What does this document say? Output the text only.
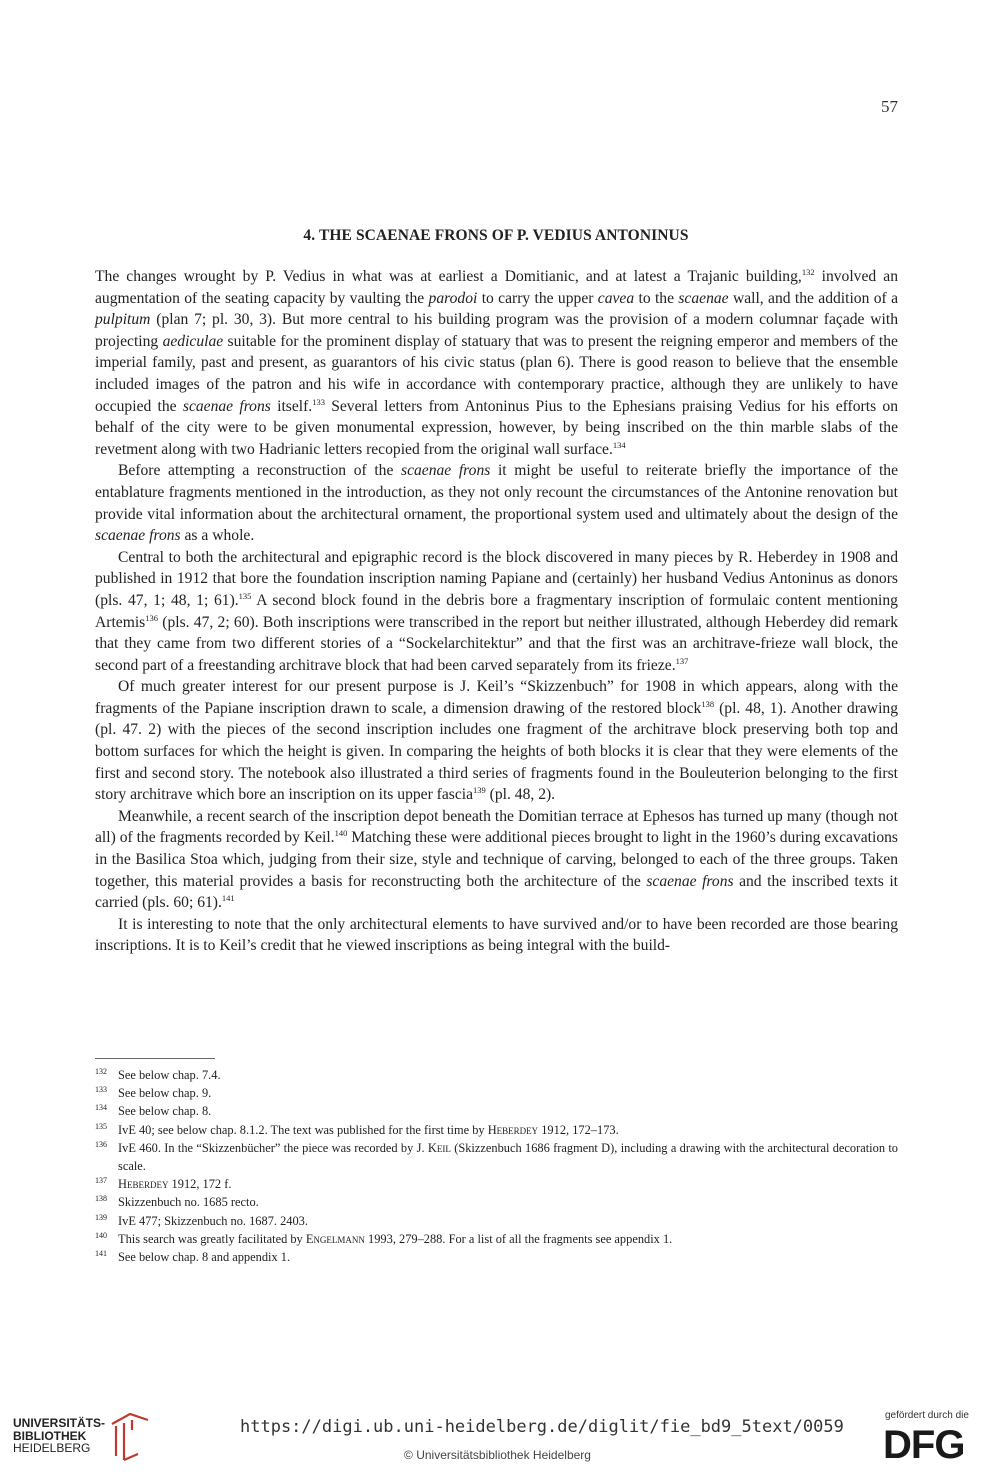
57
4. THE SCAENAE FRONS OF P. VEDIUS ANTONINUS

The changes wrought by P. Vedius in what was at earliest a Domitianic, and at latest a Trajanic building,$^{132}$ involved an augmentation of the seating capacity by vaulting the parodoi to carry the upper cavea to the scaenae wall, and the addition of a pulpitum (plan 7; pl. 30, 3). But more central to his building program was the provision of a modern columnar façade with projecting aediculae suitable for the prominent display of statuary that was to present the reigning emperor and members of the imperial family, past and present, as guarantors of his civic status (plan 6). There is good reason to believe that the ensemble included images of the patron and his wife in accordance with contemporary practice, although they are unlikely to have occupied the scaenae frons itself.$^{133}$ Several letters from Antoninus Pius to the Ephesians praising Vedius for his efforts on behalf of the city were to be given monumental expression, however, by being inscribed on the thin marble slabs of the revetment along with two Hadrianic letters recopied from the original wall surface.$^{134}$

Before attempting a reconstruction of the scaenae frons it might be useful to reiterate briefly the importance of the entablature fragments mentioned in the introduction, as they not only recount the circumstances of the Antonine renovation but provide vital information about the architectural ornament, the proportional system used and ultimately about the design of the scaenae frons as a whole.

Central to both the architectural and epigraphic record is the block discovered in many pieces by R. Heberdey in 1908 and published in 1912 that bore the foundation inscription naming Papiane and (certainly) her husband Vedius Antoninus as donors (pls. 47, 1; 48, 1; 61).$^{135}$ A second block found in the debris bore a fragmentary inscription of formulaic content mentioning Artemis$^{136}$ (pls. 47, 2; 60). Both inscriptions were transcribed in the report but neither illustrated, although Heberdey did remark that they came from two different stories of a “Sockelarchitektur” and that the first was an architrave-frieze wall block, the second part of a freestanding architrave block that had been carved separately from its frieze.$^{137}$

Of much greater interest for our present purpose is J. Keil’s “Skizzenbuch” for 1908 in which appears, along with the fragments of the Papiane inscription drawn to scale, a dimension drawing of the restored block$^{138}$ (pl. 48, 1). Another drawing (pl. 47. 2) with the pieces of the second inscription includes one fragment of the architrave block preserving both top and bottom surfaces for which the height is given. In comparing the heights of both blocks it is clear that they were elements of the first and second story. The notebook also illustrated a third series of fragments found in the Bouleuterion belonging to the first story architrave which bore an inscription on its upper fascia$^{139}$ (pl. 48, 2).

Meanwhile, a recent search of the inscription depot beneath the Domitian terrace at Ephesos has turned up many (though not all) of the fragments recorded by Keil.$^{140}$ Matching these were additional pieces brought to light in the 1960’s during excavations in the Basilica Stoa which, judging from their size, style and technique of carving, belonged to each of the three groups. Taken together, this material provides a basis for reconstructing both the architecture of the scaenae frons and the inscribed texts it carried (pls. 60; 61).$^{141}$

It is interesting to note that the only architectural elements to have survived and/or to have been recorded are those bearing inscriptions. It is to Keil’s credit that he viewed inscriptions as being integral with the build-

132 See below chap. 7.4.
133 See below chap. 9.
134 See below chap. 8.
135 IvE 40; see below chap. 8.1.2. The text was published for the first time by Heberdey 1912, 172–173.
136 IvE 460. In the “Skizzenbücher” the piece was recorded by J. Keil (Skizzenbuch 1686 fragment D), including a drawing with the architectural decoration to scale.
137 Heberdey 1912, 172 f.
138 Skizzenbuch no. 1685 recto.
139 IvE 477; Skizzenbuch no. 1687. 2403.
140 This search was greatly facilitated by Engelmann 1993, 279–288. For a list of all the fragments see appendix 1.
141 See below chap. 8 and appendix 1.
UNIVERSITÄTS-
BIBLIOTHEK
HEIDELBERG
https://digi.ub.uni-heidelberg.de/diglit/fie_bd9_5text/0059
© Universitätsbibliothek Heidelberg
gefördert durch die
DFG
